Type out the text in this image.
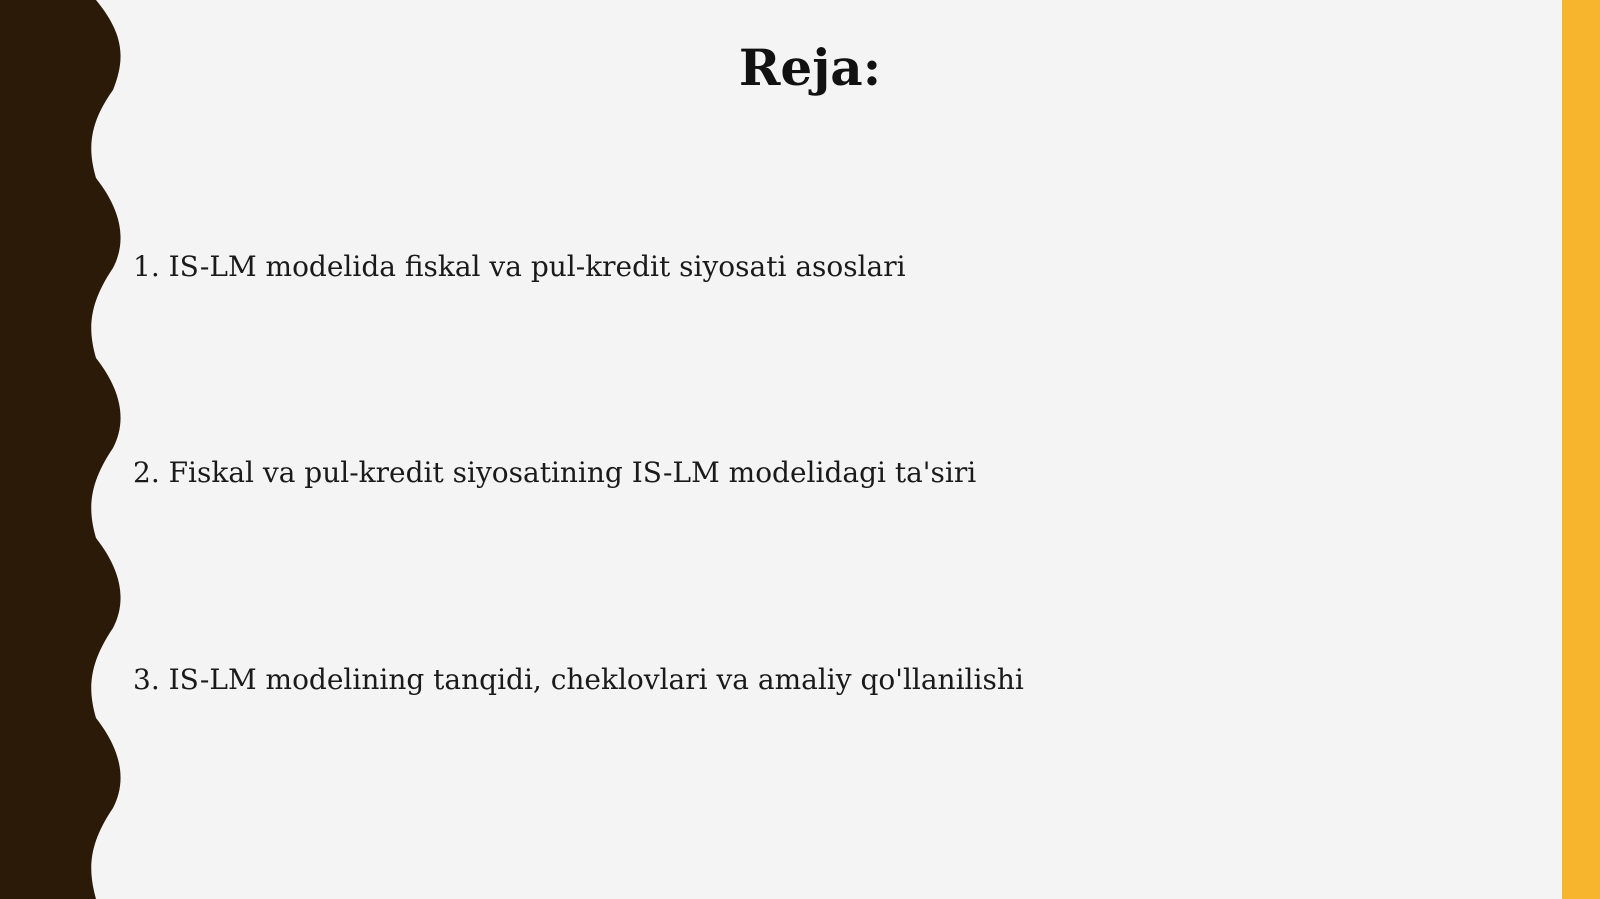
Reja:
1. IS-LM modelida fiskal va pul-kredit siyosati asoslari
2. Fiskal va pul-kredit siyosatining IS-LM modelidagi ta'siri
3. IS-LM modelining tanqidi, cheklovlari va amaliy qo'llanilishi
